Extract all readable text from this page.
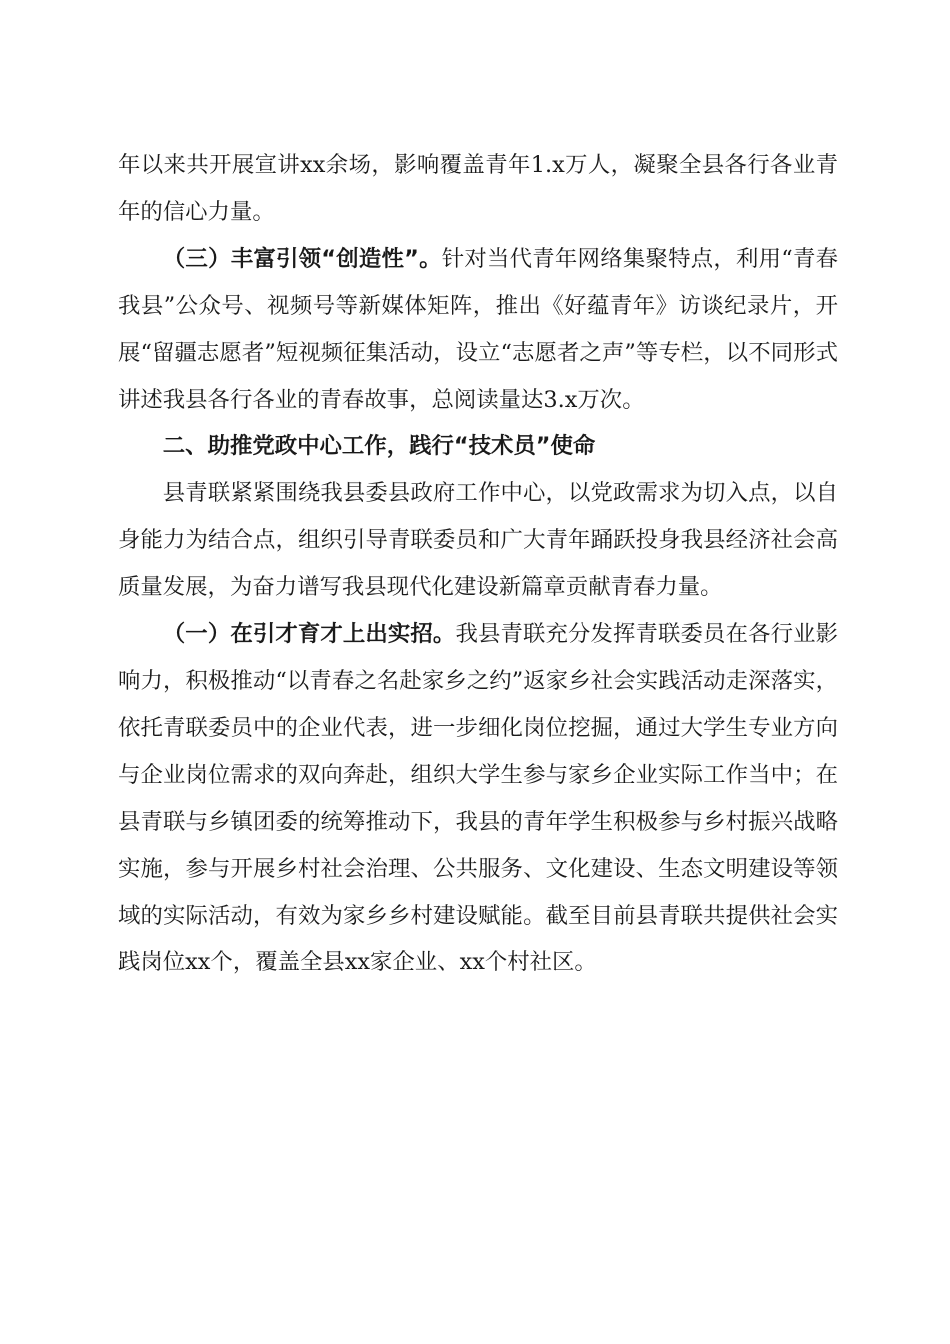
年以来共开展宣讲xx余场，影响覆盖青年1.x万人，凝聚全县各行各业青年的信心力量。

（三）丰富引领“创造性”。针对当代青年网络集聚特点，利用“青春我县”公众号、视频号等新媒体矩阵，推出《好蕴青年》访谈纪录片，开展“留疆志愿者”短视频征集活动，设立“志愿者之声”等专栏，以不同形式讲述我县各行各业的青春故事，总阅读量达3.x万次。

二、助推党政中心工作，践行“技术员”使命

县青联紧紧围绕我县委县政府工作中心，以党政需求为切入点，以自身能力为结合点，组织引导青联委员和广大青年踊跃投身我县经济社会高质量发展，为奋力谱写我县现代化建设新篇章贡献青春力量。

（一）在引才育才上出实招。我县青联充分发挥青联委员在各行业影响力，积极推动“以青春之名赴家乡之约”返家乡社会实践活动走深落实，依托青联委员中的企业代表，进一步细化岗位挖掘，通过大学生专业方向与企业岗位需求的双向奔赴，组织大学生参与家乡企业实际工作当中；在县青联与乡镇团委的统筹推动下，我县的青年学生积极参与乡村振兴战略实施，参与开展乡村社会治理、公共服务、文化建设、生态文明建设等领域的实际活动，有效为家乡乡村建设赋能。截至目前县青联共提供社会实践岗位xx个，覆盖全县xx家企业、xx个村社区。
